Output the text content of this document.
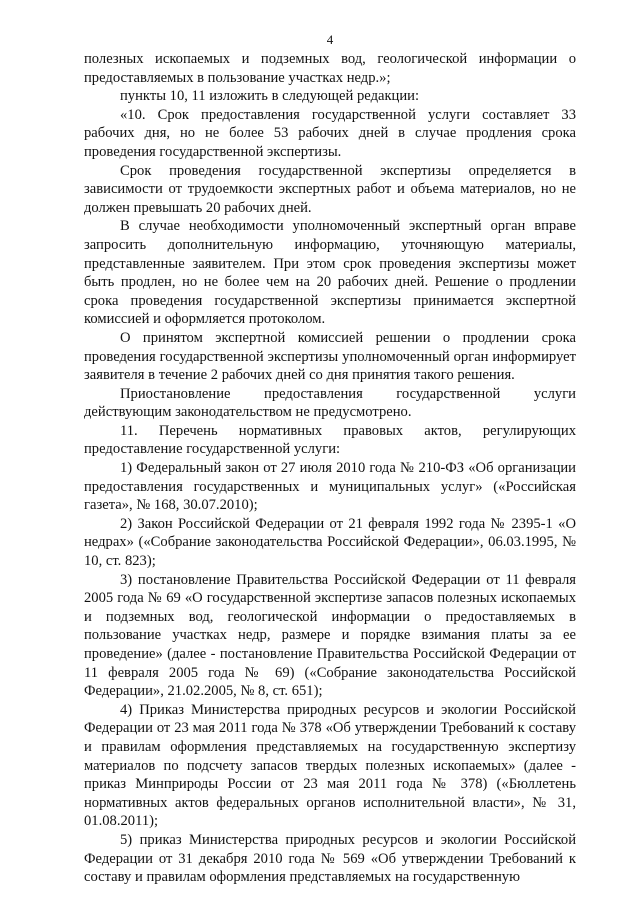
4

полезных ископаемых и подземных вод, геологической информации о предоставляемых в пользование участках недр.»;

пункты 10, 11 изложить в следующей редакции:

«10. Срок предоставления государственной услуги составляет 33 рабочих дня, но не более 53 рабочих дней в случае продления срока проведения государственной экспертизы.

Срок проведения государственной экспертизы определяется в зависимости от трудоемкости экспертных работ и объема материалов, но не должен превышать 20 рабочих дней.

В случае необходимости уполномоченный экспертный орган вправе запросить дополнительную информацию, уточняющую материалы, представленные заявителем. При этом срок проведения экспертизы может быть продлен, но не более чем на 20 рабочих дней. Решение о продлении срока проведения государственной экспертизы принимается экспертной комиссией и оформляется протоколом.

О принятом экспертной комиссией решении о продлении срока проведения государственной экспертизы уполномоченный орган информирует заявителя в течение 2 рабочих дней со дня принятия такого решения.

Приостановление предоставления государственной услуги действующим законодательством не предусмотрено.

11. Перечень нормативных правовых актов, регулирующих предоставление государственной услуги:

1) Федеральный закон от 27 июля 2010 года № 210-ФЗ «Об организации предоставления государственных и муниципальных услуг» («Российская газета», № 168, 30.07.2010);

2) Закон Российской Федерации от 21 февраля 1992 года № 2395-1 «О недрах» («Собрание законодательства Российской Федерации», 06.03.1995, № 10, ст. 823);

3) постановление Правительства Российской Федерации от 11 февраля 2005 года № 69 «О государственной экспертизе запасов полезных ископаемых и подземных вод, геологической информации о предоставляемых в пользование участках недр, размере и порядке взимания платы за ее проведение» (далее - постановление Правительства Российской Федерации от 11 февраля 2005 года № 69) («Собрание законодательства Российской Федерации», 21.02.2005, № 8, ст. 651);

4) Приказ Министерства природных ресурсов и экологии Российской Федерации от 23 мая 2011 года № 378 «Об утверждении Требований к составу и правилам оформления представляемых на государственную экспертизу материалов по подсчету запасов твердых полезных ископаемых» (далее - приказ Минприроды России от 23 мая 2011 года № 378) («Бюллетень нормативных актов федеральных органов исполнительной власти», № 31, 01.08.2011);

5) приказ Министерства природных ресурсов и экологии Российской Федерации от 31 декабря 2010 года № 569 «Об утверждении Требований к составу и правилам оформления представляемых на государственную
